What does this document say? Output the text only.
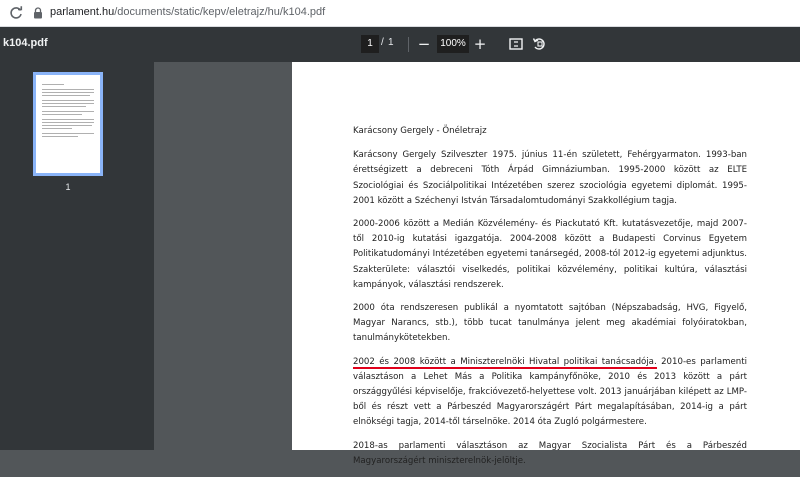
parlament.hu/documents/static/kepv/eletrajz/hu/k104.pdf
k104.pdf	1 / 1 − 100% +
1

Karácsony Gergely - Önéletrajz

Karácsony Gergely Szilveszter 1975. június 11-én született, Fehérgyarmaton. 1993-ban érettségizett a debreceni Tóth Árpád Gimnáziumban. 1995-2000 között az ELTE Szociológiai és Szociálpolitikai Intézetében szerez szociológia egyetemi diplomát. 1995-2001 között a Széchenyi István Társadalomtudományi Szakkollégium tagja.

2000-2006 között a Medián Közvélemény- és Piackutató Kft. kutatásvezetője, majd 2007-től 2010-ig kutatási igazgatója. 2004-2008 között a Budapesti Corvinus Egyetem Politikatudományi Intézetében egyetemi tanársegéd, 2008-tól 2012-ig egyetemi adjunktus. Szakterülete: választói viselkedés, politikai közvélemény, politikai kultúra, választási kampányok, választási rendszerek.

2000 óta rendszeresen publikál a nyomtatott sajtóban (Népszabadság, HVG, Figyelő, Magyar Narancs, stb.), több tucat tanulmánya jelent meg akadémiai folyóiratokban, tanulmánykötetekben.

2002 és 2008 között a Miniszterelnöki Hivatal politikai tanácsadója. 2010-es parlamenti választáson a Lehet Más a Politika kampányfőnöke, 2010 és 2013 között a párt országgyűlési képviselője, frakcióvezető-helyettese volt. 2013 januárjában kilépett az LMP-ből és részt vett a Párbeszéd Magyarországért Párt megalapításában, 2014-ig a párt elnökségi tagja, 2014-től társelnöke. 2014 óta Zugló polgármestere.

2018-as parlamenti választáson az Magyar Szocialista Párt és a Párbeszéd Magyarországért miniszterelnök-jelöltje.
